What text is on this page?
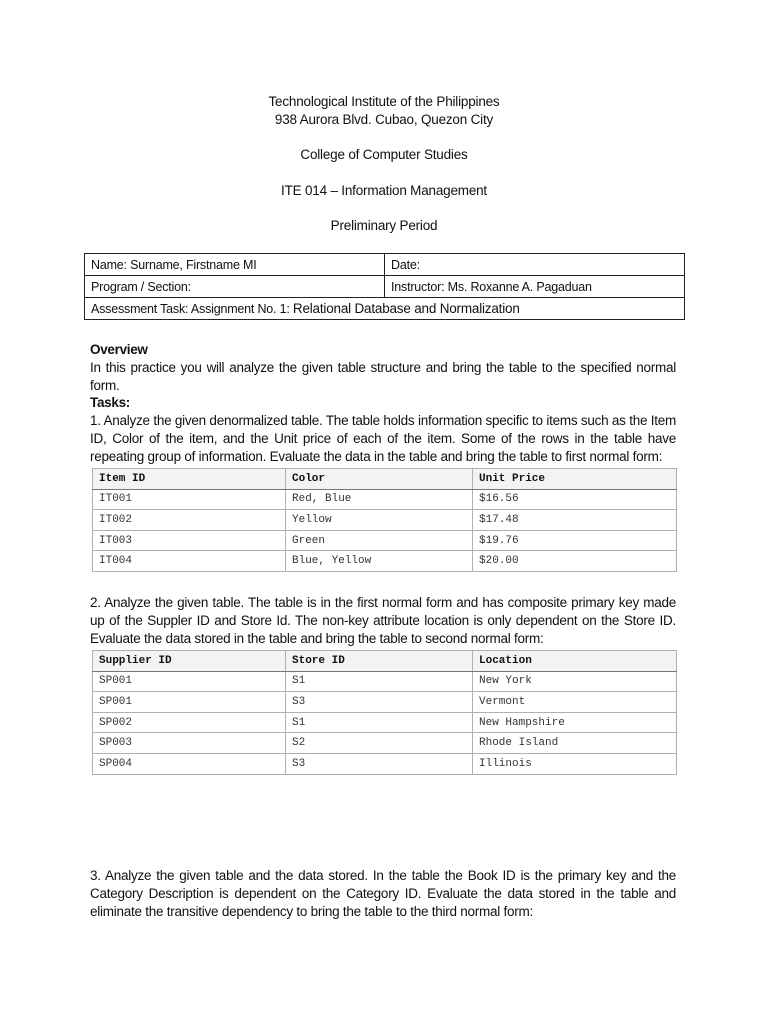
Technological Institute of the Philippines
938 Aurora Blvd. Cubao, Quezon City
College of Computer Studies
ITE 014 – Information Management
Preliminary Period
Name: Surname, Firstname MI	Date:
Program / Section:	Instructor: Ms. Roxanne A. Pagaduan
Assessment Task: Assignment No. 1: Relational Database and Normalization	
Overview
In this practice you will analyze the given table structure and bring the table to the specified normal form.
Tasks:
1. Analyze the given denormalized table. The table holds information specific to items such as the Item ID, Color of the item, and the Unit price of each of the item. Some of the rows in the table have repeating group of information. Evaluate the data in the table and bring the table to first normal form:
Item ID	Color	Unit Price
IT001	Red, Blue	$16.56
IT002	Yellow	$17.48
IT003	Green	$19.76
IT004	Blue, Yellow	$20.00
2. Analyze the given table. The table is in the first normal form and has composite primary key made up of the Suppler ID and Store Id. The non-key attribute location is only dependent on the Store ID. Evaluate the data stored in the table and bring the table to second normal form:
Supplier ID	Store ID	Location
SP001	S1	New York
SP001	S3	Vermont
SP002	S1	New Hampshire
SP003	S2	Rhode Island
SP004	S3	Illinois
3. Analyze the given table and the data stored. In the table the Book ID is the primary key and the Category Description is dependent on the Category ID. Evaluate the data stored in the table and eliminate the transitive dependency to bring the table to the third normal form:
